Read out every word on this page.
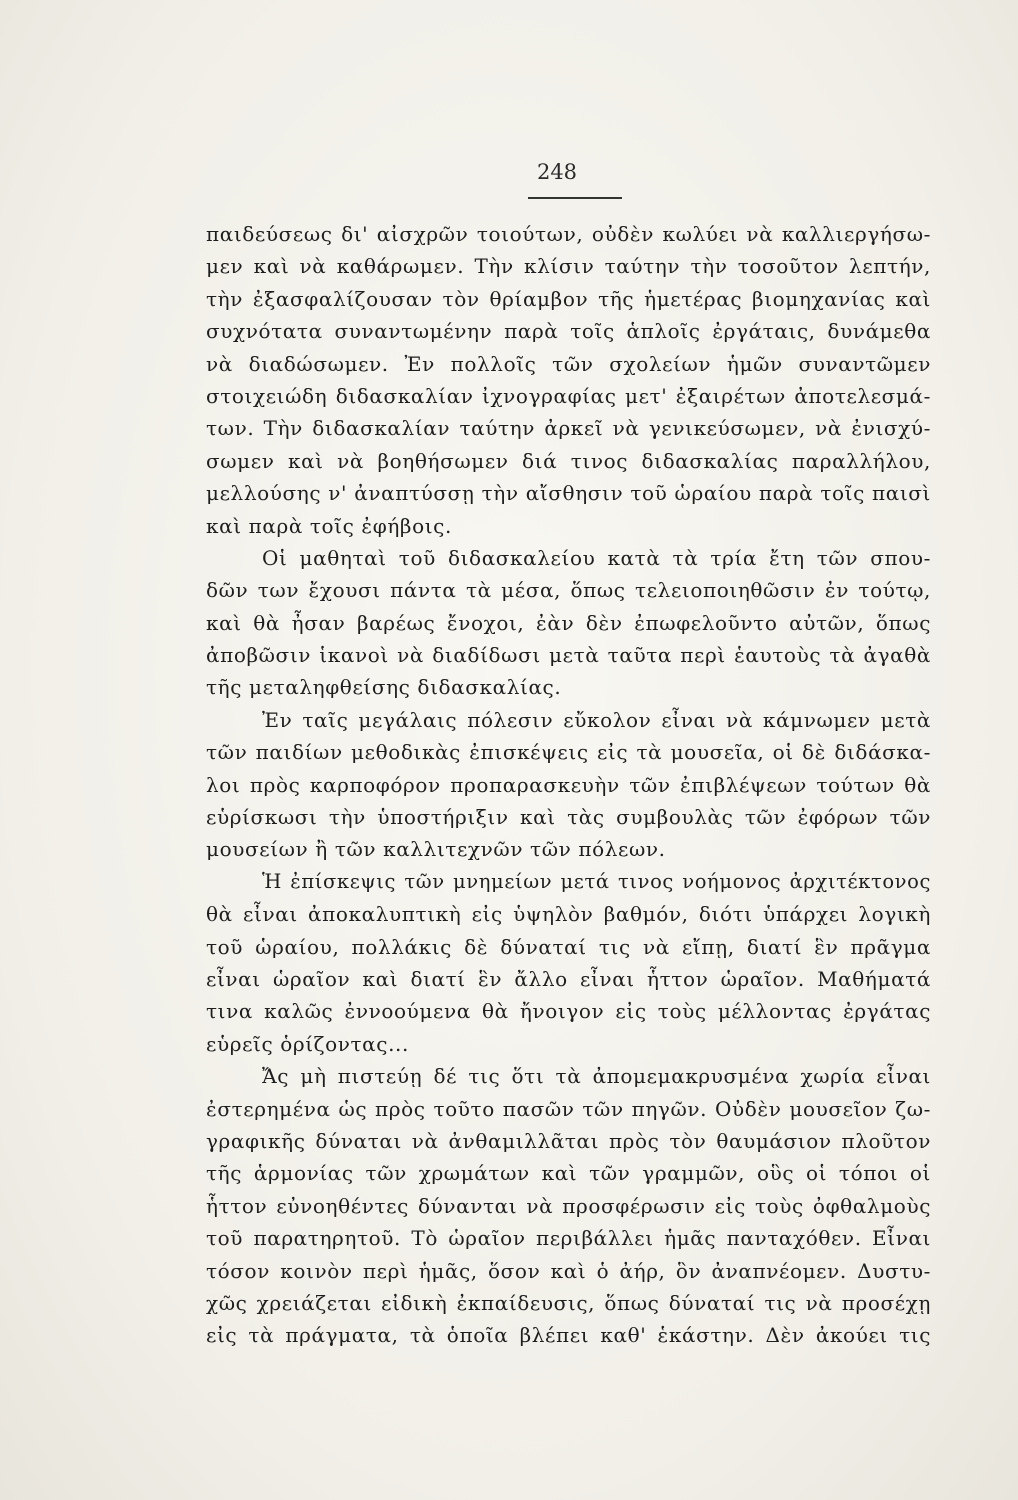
248
παιδεύσεως δι' αἰσχρῶν τοιούτων, οὐδὲν κωλύει νὰ καλλιεργήσω-
μεν καὶ νὰ καθάρωμεν. Τὴν κλίσιν ταύτην τὴν τοσοῦτον λεπτήν,
τὴν ἐξασφαλίζουσαν τὸν θρίαμβον τῆς ἡμετέρας βιομηχανίας καὶ
συχνότατα συναντωμένην παρὰ τοῖς ἁπλοῖς ἐργάταις, δυνάμεθα
νὰ διαδώσωμεν. Ἐν πολλοῖς τῶν σχολείων ἡμῶν συναντῶμεν
στοιχειώδη διδασκαλίαν ἰχνογραφίας μετ' ἐξαιρέτων ἀποτελεσμά-
των. Τὴν διδασκαλίαν ταύτην ἀρκεῖ νὰ γενικεύσωμεν, νὰ ἐνισχύ-
σωμεν καὶ νὰ βοηθήσωμεν διά τινος διδασκαλίας παραλλήλου,
μελλούσης ν' ἀναπτύσσῃ τὴν αἴσθησιν τοῦ ὡραίου παρὰ τοῖς παισὶ
καὶ παρὰ τοῖς ἐφήβοις.
Οἱ μαθηταὶ τοῦ διδασκαλείου κατὰ τὰ τρία ἔτη τῶν σπου-
δῶν των ἔχουσι πάντα τὰ μέσα, ὅπως τελειοποιηθῶσιν ἐν τούτῳ,
καὶ θὰ ἦσαν βαρέως ἔνοχοι, ἐὰν δὲν ἐπωφελοῦντο αὐτῶν, ὅπως
ἀποβῶσιν ἱκανοὶ νὰ διαδίδωσι μετὰ ταῦτα περὶ ἑαυτοὺς τὰ ἀγαθὰ
τῆς μεταληφθείσης διδασκαλίας.
Ἐν ταῖς μεγάλαις πόλεσιν εὔκολον εἶναι νὰ κάμνωμεν μετὰ
τῶν παιδίων μεθοδικὰς ἐπισκέψεις εἰς τὰ μουσεῖα, οἱ δὲ διδάσκα-
λοι πρὸς καρποφόρον προπαρασκευὴν τῶν ἐπιβλέψεων τούτων θὰ
εὑρίσκωσι τὴν ὑποστήριξιν καὶ τὰς συμβουλὰς τῶν ἐφόρων τῶν
μουσείων ἢ τῶν καλλιτεχνῶν τῶν πόλεων.
Ἡ ἐπίσκεψις τῶν μνημείων μετά τινος νοήμονος ἀρχιτέκτονος
θὰ εἶναι ἀποκαλυπτικὴ εἰς ὑψηλὸν βαθμόν, διότι ὑπάρχει λογικὴ
τοῦ ὡραίου, πολλάκις δὲ δύναταί τις νὰ εἴπῃ, διατί ἓν πρᾶγμα
εἶναι ὡραῖον καὶ διατί ἓν ἄλλο εἶναι ἧττον ὡραῖον. Μαθήματά
τινα καλῶς ἐννοούμενα θὰ ἤνοιγον εἰς τοὺς μέλλοντας ἐργάτας
εὑρεῖς ὁρίζοντας...
Ἄς μὴ πιστεύῃ δέ τις ὅτι τὰ ἀπομεμακρυσμένα χωρία εἶναι
ἐστερημένα ὡς πρὸς τοῦτο πασῶν τῶν πηγῶν. Οὐδὲν μουσεῖον ζω-
γραφικῆς δύναται νὰ ἀνθαμιλλᾶται πρὸς τὸν θαυμάσιον πλοῦτον
τῆς ἁρμονίας τῶν χρωμάτων καὶ τῶν γραμμῶν, οὓς οἱ τόποι οἱ
ἧττον εὐνοηθέντες δύνανται νὰ προσφέρωσιν εἰς τοὺς ὀφθαλμοὺς
τοῦ παρατηρητοῦ. Τὸ ὡραῖον περιβάλλει ἡμᾶς πανταχόθεν. Εἶναι
τόσον κοινὸν περὶ ἡμᾶς, ὅσον καὶ ὁ ἀήρ, ὃν ἀναπνέομεν. Δυστυ-
χῶς χρειάζεται εἰδικὴ ἐκπαίδευσις, ὅπως δύναταί τις νὰ προσέχῃ
εἰς τὰ πράγματα, τὰ ὁποῖα βλέπει καθ' ἑκάστην. Δὲν ἀκούει τις
